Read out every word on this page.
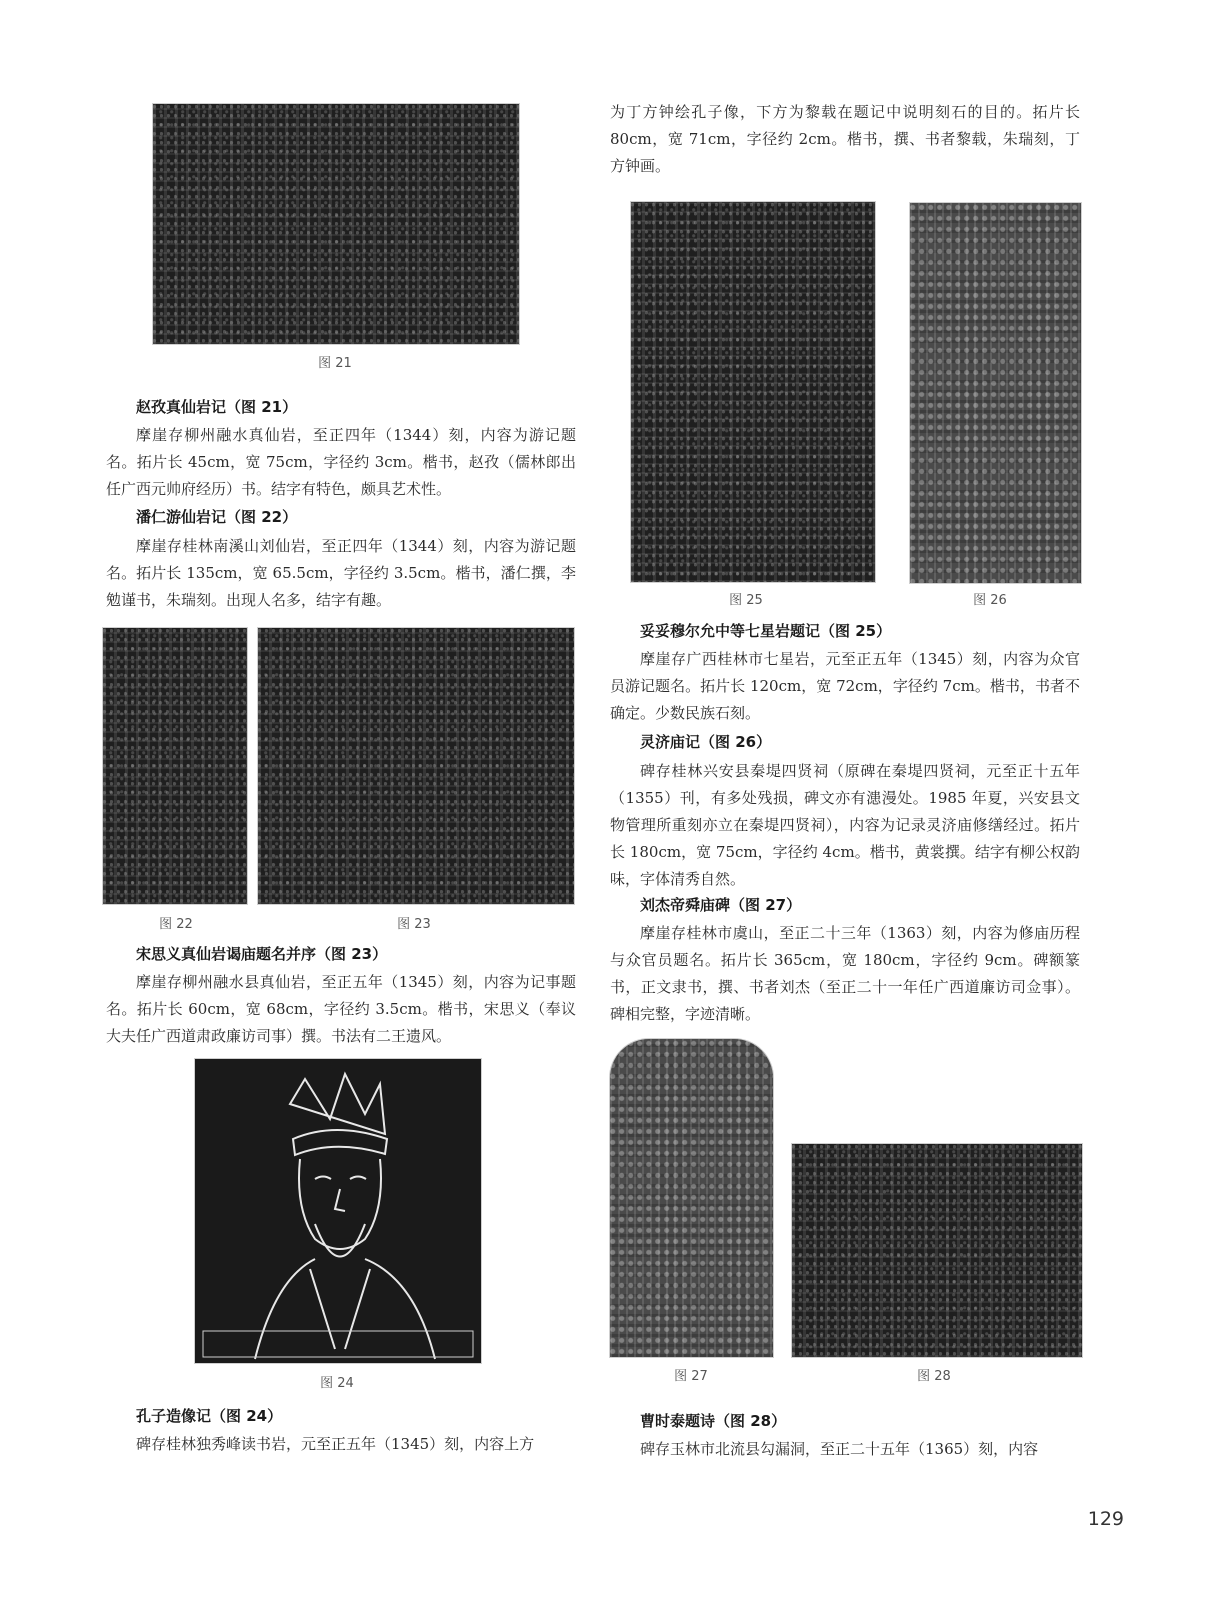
图 21
赵孜真仙岩记（图 21）
摩崖存柳州融水真仙岩，至正四年（1344）刻，内容为游记题名。拓片长 45cm，宽 75cm，字径约 3cm。楷书，赵孜（儒林郎出任广西元帅府经历）书。结字有特色，颇具艺术性。
潘仁游仙岩记（图 22）
摩崖存桂林南溪山刘仙岩，至正四年（1344）刻，内容为游记题名。拓片长 135cm，宽 65.5cm，字径约 3.5cm。楷书，潘仁撰，李勉谨书，朱瑞刻。出现人名多，结字有趣。
图 22	图 23
宋思义真仙岩谒庙题名并序（图 23）
摩崖存柳州融水县真仙岩，至正五年（1345）刻，内容为记事题名。拓片长 60cm，宽 68cm，字径约 3.5cm。楷书，宋思义（奉议大夫任广西道肃政廉访司事）撰。书法有二王遗风。
图 24
孔子造像记（图 24）
碑存桂林独秀峰读书岩，元至正五年（1345）刻，内容上方
为丁方钟绘孔子像，下方为黎载在题记中说明刻石的目的。拓片长 80cm，宽 71cm，字径约 2cm。楷书，撰、书者黎载，朱瑞刻，丁方钟画。
图 25	图 26
妥妥穆尔允中等七星岩题记（图 25）
摩崖存广西桂林市七星岩，元至正五年（1345）刻，内容为众官员游记题名。拓片长 120cm，宽 72cm，字径约 7cm。楷书，书者不确定。少数民族石刻。
灵济庙记（图 26）
碑存桂林兴安县秦堤四贤祠（原碑在秦堤四贤祠，元至正十五年（1355）刊，有多处残损，碑文亦有漶漫处。1985 年夏，兴安县文物管理所重刻亦立在秦堤四贤祠），内容为记录灵济庙修缮经过。拓片长 180cm，宽 75cm，字径约 4cm。楷书，黄裳撰。结字有柳公权韵味，字体清秀自然。
刘杰帝舜庙碑（图 27）
摩崖存桂林市虞山，至正二十三年（1363）刻，内容为修庙历程与众官员题名。拓片长 365cm，宽 180cm，字径约 9cm。碑额篆书，正文隶书，撰、书者刘杰（至正二十一年任广西道廉访司佥事）。碑相完整，字迹清晰。
图 27	图 28
曹时泰题诗（图 28）
碑存玉林市北流县勾漏洞，至正二十五年（1365）刻，内容
129
